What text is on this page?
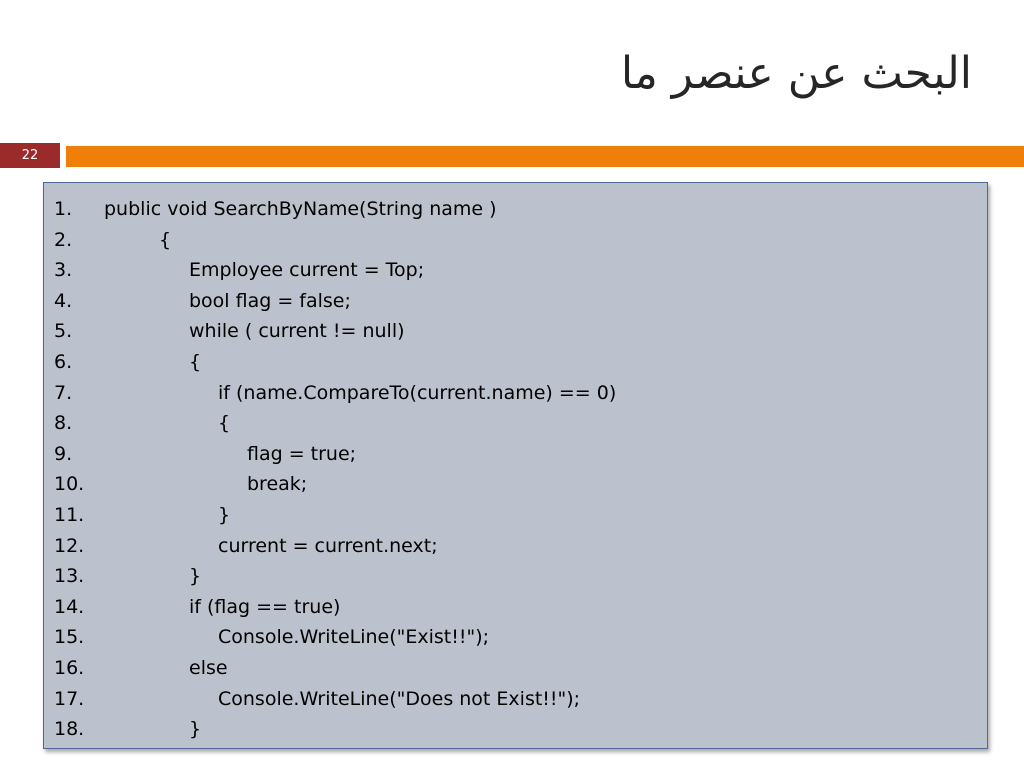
البحث عن عنصر ما
22
1. public void SearchByName(String name )
2.	{
3.	Employee current = Top;
4.	bool flag = false;
5.	while ( current != null)
6.	{
7.	if (name.CompareTo(current.name) == 0)
8.	{
9.	flag = true;
10.	break;
11.	}
12.	current = current.next;
13.	}
14.	if (flag == true)
15.	Console.WriteLine("Exist!!");
16.	else
17.	Console.WriteLine("Does not Exist!!");
18.	}
